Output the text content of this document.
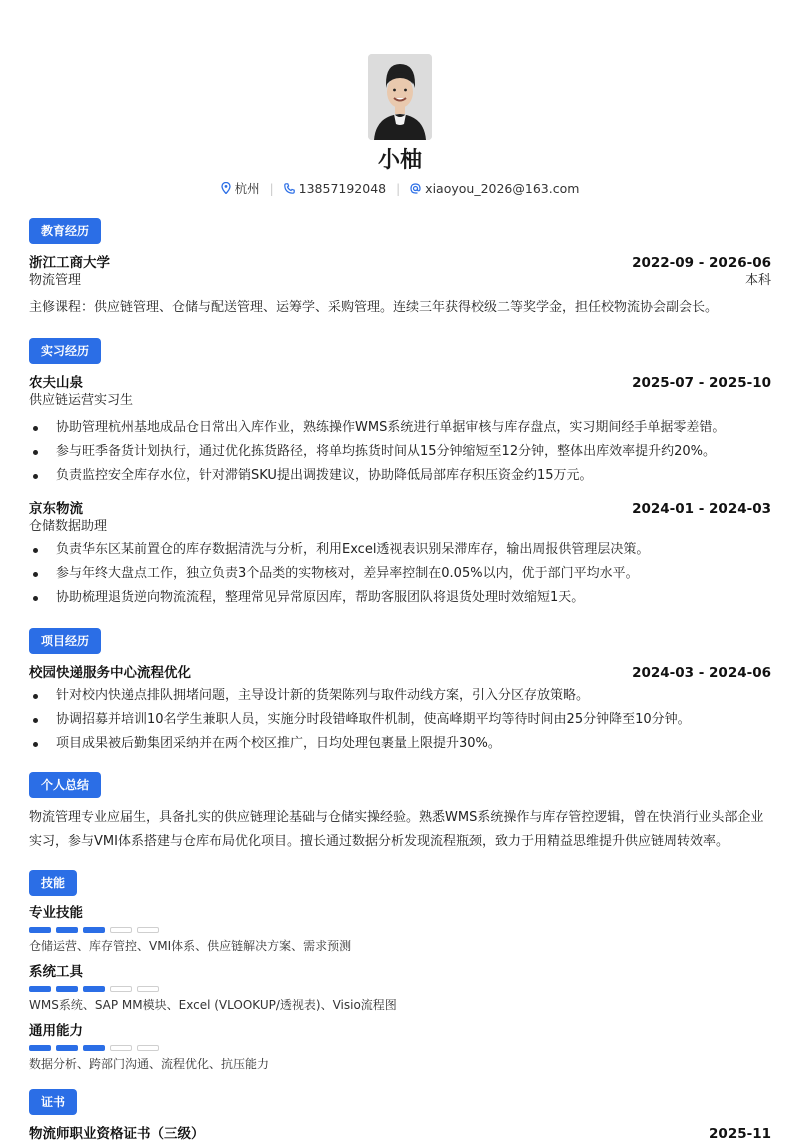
小柚
杭州 | 13857192048 | xiaoyou_2026@163.com
教育经历
浙江工商大学	2022-09 - 2026-06
物流管理	本科

主修课程：供应链管理、仓储与配送管理、运筹学、采购管理。连续三年获得校级二等奖学金，担任校物流协会副会长。

实习经历
农夫山泉	2025-07 - 2025-10
供应链运营实习生
协助管理杭州基地成品仓日常出入库作业，熟练操作WMS系统进行单据审核与库存盘点，实习期间经手单据零差错。
参与旺季备货计划执行，通过优化拣货路径，将单均拣货时间从15分钟缩短至12分钟，整体出库效率提升约20%。
负责监控安全库存水位，针对滞销SKU提出调拨建议，协助降低局部库存积压资金约15万元。
京东物流	2024-01 - 2024-03
仓储数据助理
负责华东区某前置仓的库存数据清洗与分析，利用Excel透视表识别呆滞库存，输出周报供管理层决策。
参与年终大盘点工作，独立负责3个品类的实物核对，差异率控制在0.05%以内，优于部门平均水平。
协助梳理退货逆向物流流程，整理常见异常原因库，帮助客服团队将退货处理时效缩短1天。
项目经历
校园快递服务中心流程优化	2024-03 - 2024-06
针对校内快递点排队拥堵问题，主导设计新的货架陈列与取件动线方案，引入分区存放策略。
协调招募并培训10名学生兼职人员，实施分时段错峰取件机制，使高峰期平均等待时间由25分钟降至10分钟。
项目成果被后勤集团采纳并在两个校区推广，日均处理包裹量上限提升30%。
个人总结

物流管理专业应届生，具备扎实的供应链理论基础与仓储实操经验。熟悉WMS系统操作与库存管控逻辑，曾在快消行业头部企业实习，参与VMI体系搭建与仓库布局优化项目。擅长通过数据分析发现流程瓶颈，致力于用精益思维提升供应链周转效率。

技能
专业技能
仓储运营、库存管控、VMI体系、供应链解决方案、需求预测
系统工具
WMS系统、SAP MM模块、Excel (VLOOKUP/透视表)、Visio流程图
通用能力
数据分析、跨部门沟通、流程优化、抗压能力
证书
物流师职业资格证书（三级）	2025-11
